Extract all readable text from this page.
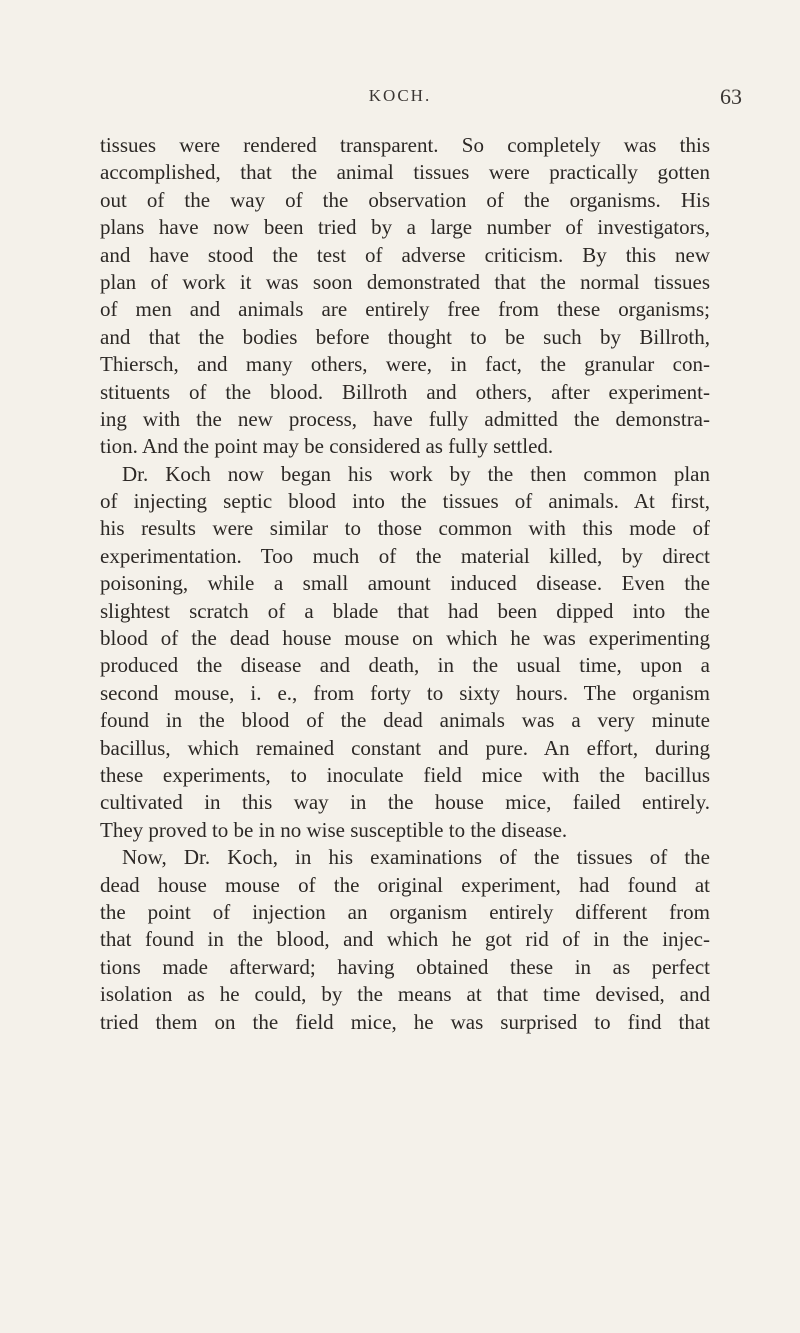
KOCH.	63
tissues were rendered transparent. So completely was this
accomplished, that the animal tissues were practically gotten
out of the way of the observation of the organisms. His
plans have now been tried by a large number of investigators,
and have stood the test of adverse criticism. By this new
plan of work it was soon demonstrated that the normal tissues
of men and animals are entirely free from these organisms;
and that the bodies before thought to be such by Billroth,
Thiersch, and many others, were, in fact, the granular con-
stituents of the blood. Billroth and others, after experiment-
ing with the new process, have fully admitted the demonstra-
tion. And the point may be considered as fully settled.
Dr. Koch now began his work by the then common plan
of injecting septic blood into the tissues of animals. At first,
his results were similar to those common with this mode of
experimentation. Too much of the material killed, by direct
poisoning, while a small amount induced disease. Even the
slightest scratch of a blade that had been dipped into the
blood of the dead house mouse on which he was experimenting
produced the disease and death, in the usual time, upon a
second mouse, i. e., from forty to sixty hours. The organism
found in the blood of the dead animals was a very minute
bacillus, which remained constant and pure. An effort, during
these experiments, to inoculate field mice with the bacillus
cultivated in this way in the house mice, failed entirely.
They proved to be in no wise susceptible to the disease.
Now, Dr. Koch, in his examinations of the tissues of the
dead house mouse of the original experiment, had found at
the point of injection an organism entirely different from
that found in the blood, and which he got rid of in the injec-
tions made afterward; having obtained these in as perfect
isolation as he could, by the means at that time devised, and
tried them on the field mice, he was surprised to find that
